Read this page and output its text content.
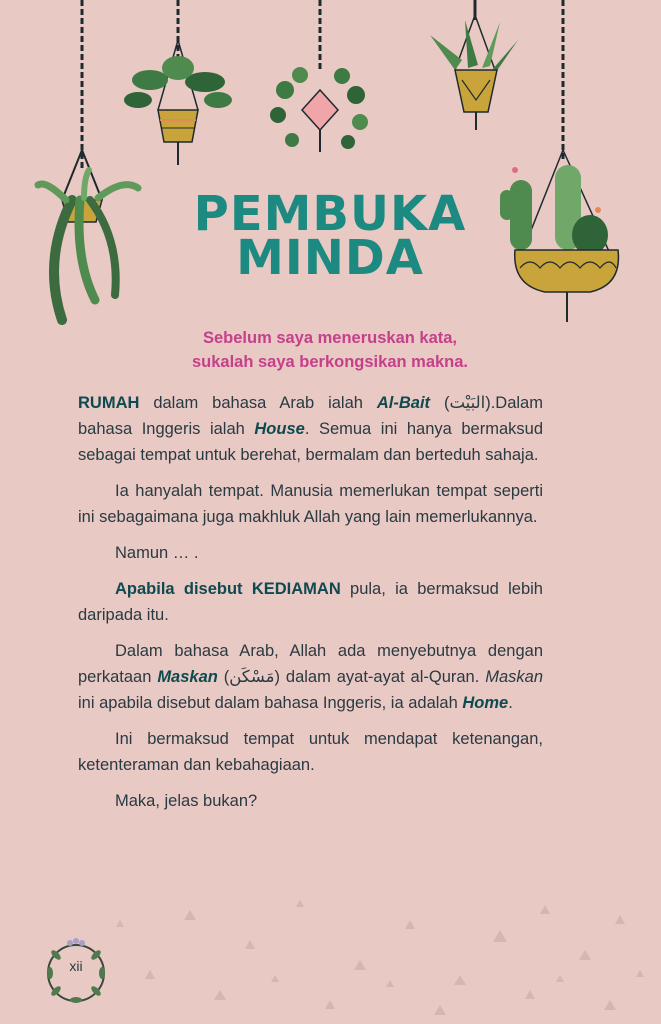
PEMBUKA
MINDA
Sebelum saya meneruskan kata,
sukalah saya berkongsikan makna.

RUMAH dalam bahasa Arab ialah Al-Bait (البَيْت).Dalam bahasa Inggeris ialah House. Semua ini hanya bermaksud sebagai tempat untuk berehat, bermalam dan berteduh sahaja.

Ia hanyalah tempat. Manusia memerlukan tempat seperti ini sebagaimana juga makhluk Allah yang lain memerlukannya.

Namun … .

Apabila disebut KEDIAMAN pula, ia bermaksud lebih daripada itu.

Dalam bahasa Arab, Allah ada menyebutnya dengan perkataan Maskan (مَسْكَن) dalam ayat-ayat al-Quran. Maskan ini apabila disebut dalam bahasa Inggeris, ia adalah Home.

Ini bermaksud tempat untuk mendapat ketenangan, ketenteraman dan kebahagiaan.

Maka, jelas bukan?

xii
